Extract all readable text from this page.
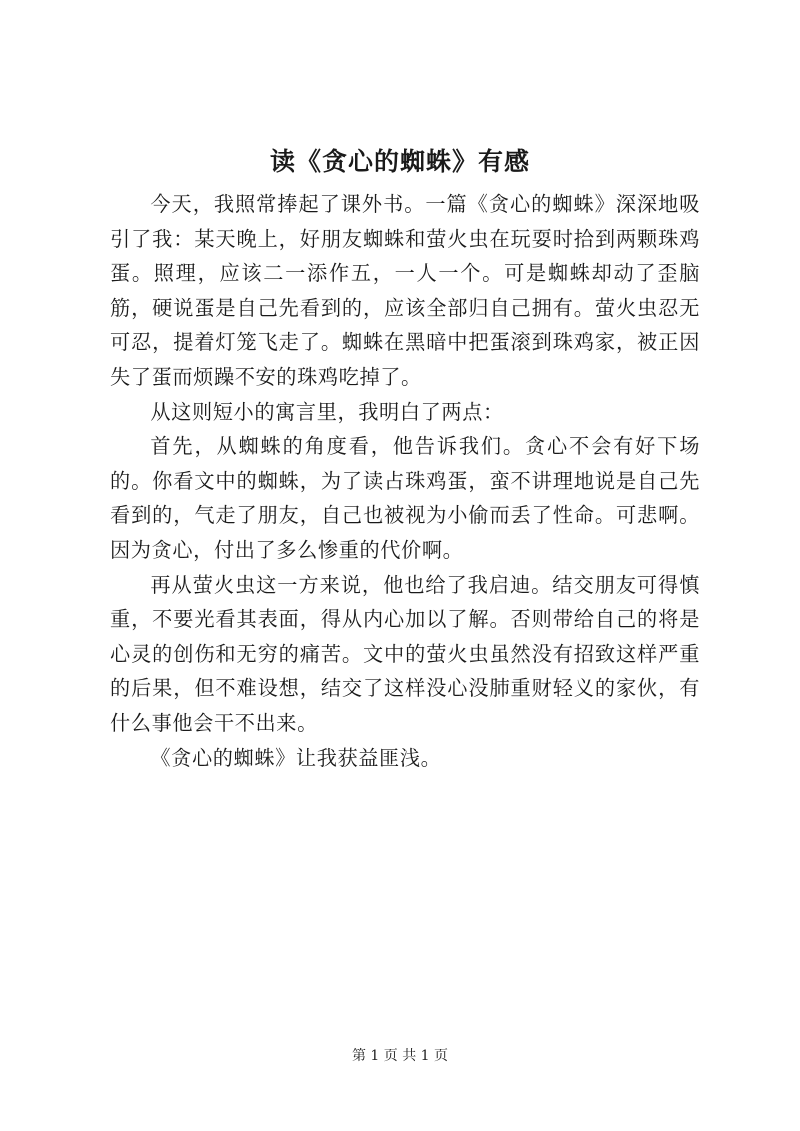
读《贪心的蜘蛛》有感

今天，我照常捧起了课外书。一篇《贪心的蜘蛛》深深地吸引了我：某天晚上，好朋友蜘蛛和萤火虫在玩耍时拾到两颗珠鸡蛋。照理，应该二一添作五，一人一个。可是蜘蛛却动了歪脑筋，硬说蛋是自己先看到的，应该全部归自己拥有。萤火虫忍无可忍，提着灯笼飞走了。蜘蛛在黑暗中把蛋滚到珠鸡家，被正因失了蛋而烦躁不安的珠鸡吃掉了。

从这则短小的寓言里，我明白了两点：

首先，从蜘蛛的角度看，他告诉我们。贪心不会有好下场的。你看文中的蜘蛛，为了读占珠鸡蛋，蛮不讲理地说是自己先看到的，气走了朋友，自己也被视为小偷而丢了性命。可悲啊。因为贪心，付出了多么惨重的代价啊。

再从萤火虫这一方来说，他也给了我启迪。结交朋友可得慎重，不要光看其表面，得从内心加以了解。否则带给自己的将是心灵的创伤和无穷的痛苦。文中的萤火虫虽然没有招致这样严重的后果，但不难设想，结交了这样没心没肺重财轻义的家伙，有什么事他会干不出来。

《贪心的蜘蛛》让我获益匪浅。

第 1 页 共 1 页
